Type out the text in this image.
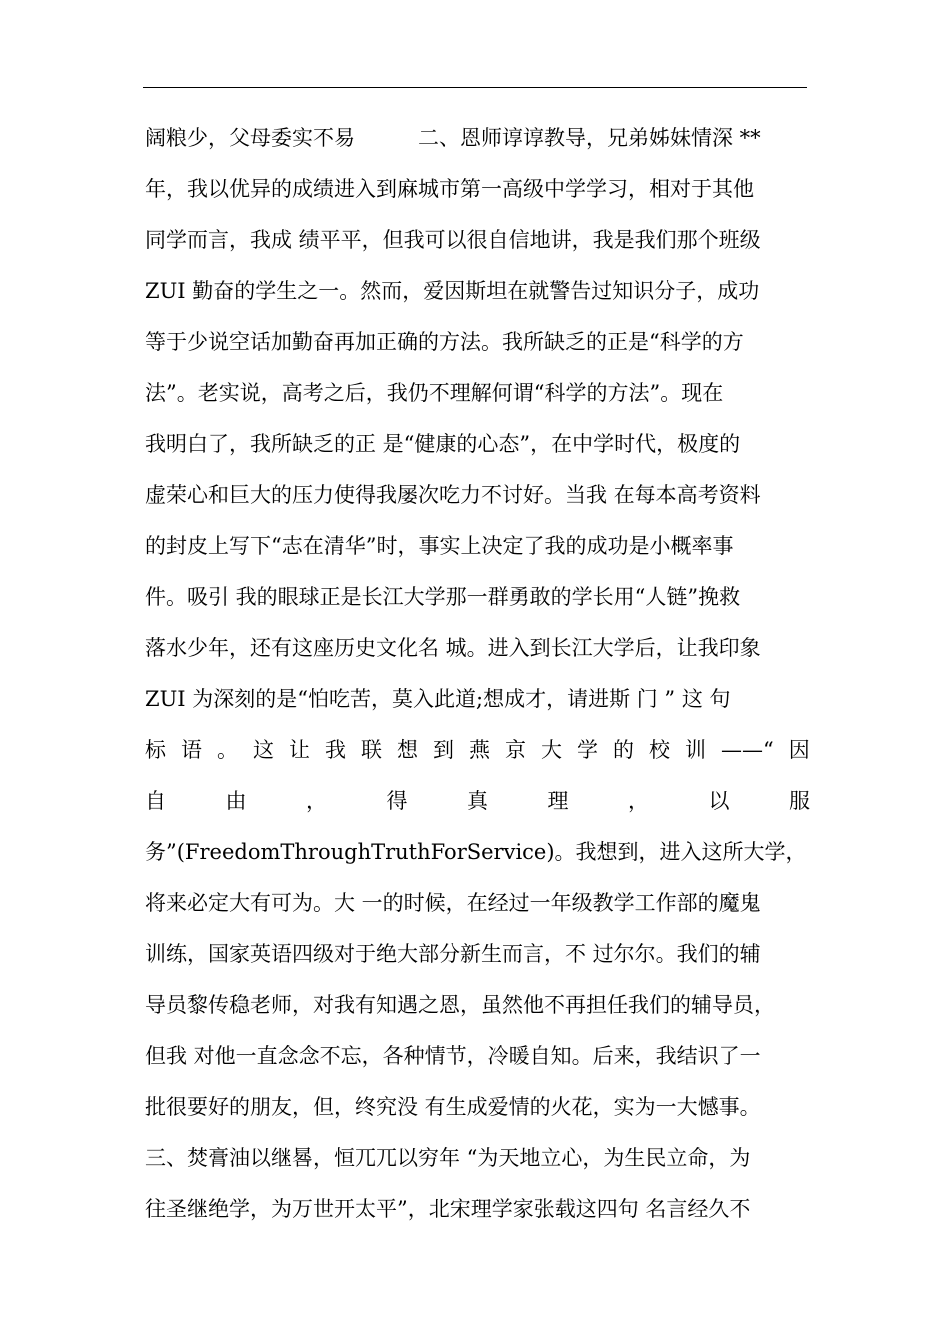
阔粮少，父母委实不易　　　二、恩师谆谆教导，兄弟姊妹情深 **
年，我以优异的成绩进入到麻城市第一高级中学学习，相对于其他
同学而言，我成 绩平平，但我可以很自信地讲，我是我们那个班级
ZUI 勤奋的学生之一。然而，爱因斯坦在就警告过知识分子，成功
等于少说空话加勤奋再加正确的方法。我所缺乏的正是“科学的方
法”。老实说，高考之后，我仍不理解何谓“科学的方法”。现在
我明白了，我所缺乏的正 是“健康的心态”，在中学时代，极度的
虚荣心和巨大的压力使得我屡次吃力不讨好。当我 在每本高考资料
的封皮上写下“志在清华”时，事实上决定了我的成功是小概率事
件。吸引 我的眼球正是长江大学那一群勇敢的学长用“人链”挽救
落水少年，还有这座历史文化名 城。进入到长江大学后，让我印象
ZUI 为深刻的是“怕吃苦，莫入此道;想成才，请进斯 门 ” 这 句
标 语 。 这 让 我 联 想 到 燕 京 大 学 的 校 训 ——“ 因
自	由	，	得	真	理	，	以	服
务”(FreedomThroughTruthForService)。我想到，进入这所大学，
将来必定大有可为。大 一的时候，在经过一年级教学工作部的魔鬼
训练，国家英语四级对于绝大部分新生而言，不 过尔尔。我们的辅
导员黎传稳老师，对我有知遇之恩，虽然他不再担任我们的辅导员，
但我 对他一直念念不忘，各种情节，冷暖自知。后来，我结识了一
批很要好的朋友，但，终究没 有生成爱情的火花，实为一大憾事。
三、焚膏油以继晷，恒兀兀以穷年 “为天地立心，为生民立命，为
往圣继绝学，为万世开太平”，北宋理学家张载这四句 名言经久不
